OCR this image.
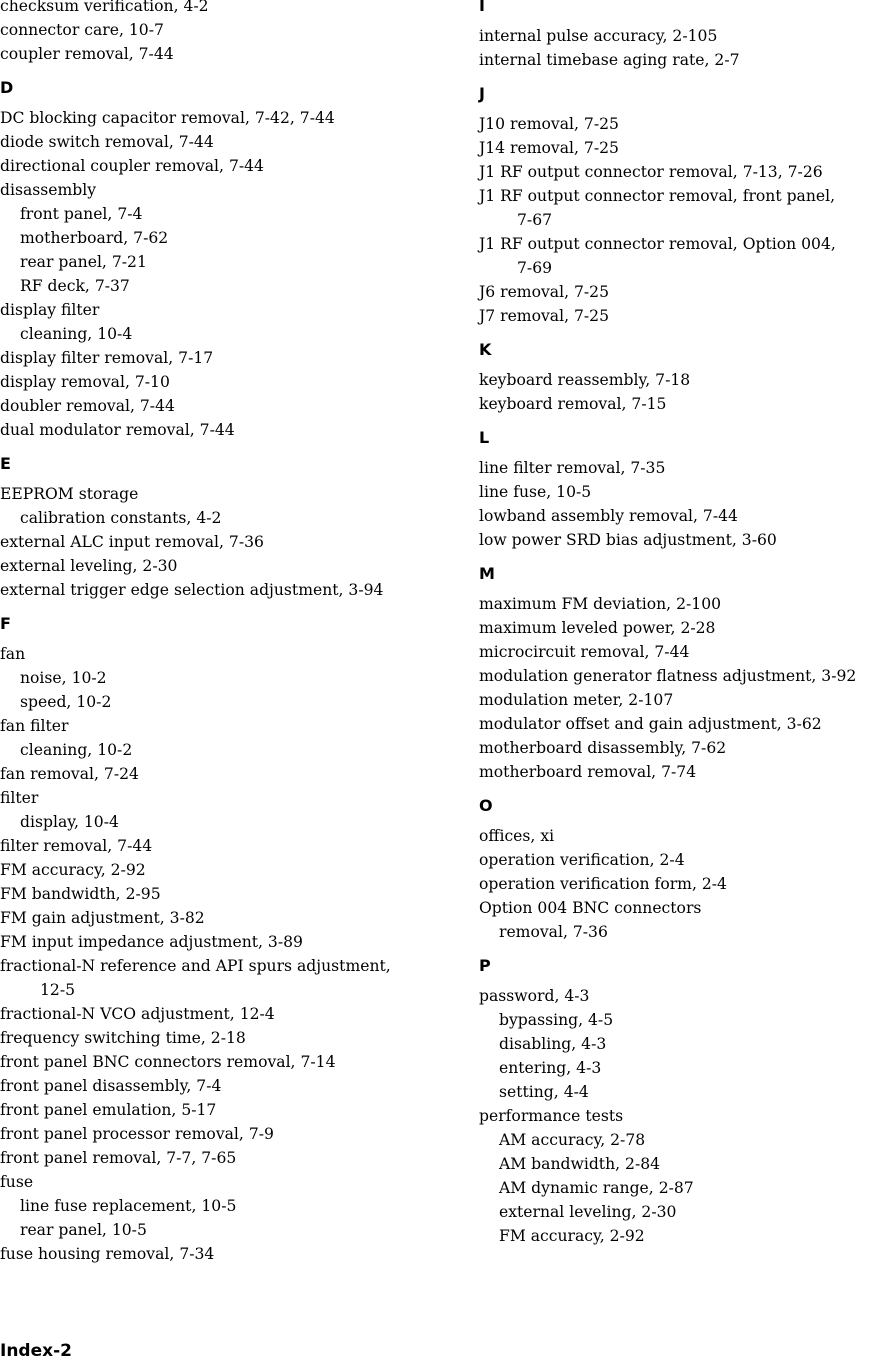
checksum verification, 4-2
connector care, 10-7
coupler removal, 7-44
D
DC blocking capacitor removal, 7-42, 7-44
diode switch removal, 7-44
directional coupler removal, 7-44
disassembly
front panel, 7-4
motherboard, 7-62
rear panel, 7-21
RF deck, 7-37
display filter
cleaning, 10-4
display filter removal, 7-17
display removal, 7-10
doubler removal, 7-44
dual modulator removal, 7-44
E
EEPROM storage
calibration constants, 4-2
external ALC input removal, 7-36
external leveling, 2-30
external trigger edge selection adjustment, 3-94
F
fan
noise, 10-2
speed, 10-2
fan filter
cleaning, 10-2
fan removal, 7-24
filter
display, 10-4
filter removal, 7-44
FM accuracy, 2-92
FM bandwidth, 2-95
FM gain adjustment, 3-82
FM input impedance adjustment, 3-89
fractional-N reference and API spurs adjustment,
12-5
fractional-N VCO adjustment, 12-4
frequency switching time, 2-18
front panel BNC connectors removal, 7-14
front panel disassembly, 7-4
front panel emulation, 5-17
front panel processor removal, 7-9
front panel removal, 7-7, 7-65
fuse
line fuse replacement, 10-5
rear panel, 10-5
fuse housing removal, 7-34
I
internal pulse accuracy, 2-105
internal timebase aging rate, 2-7
J
J10 removal, 7-25
J14 removal, 7-25
J1 RF output connector removal, 7-13, 7-26
J1 RF output connector removal, front panel,
7-67
J1 RF output connector removal, Option 004,
7-69
J6 removal, 7-25
J7 removal, 7-25
K
keyboard reassembly, 7-18
keyboard removal, 7-15
L
line filter removal, 7-35
line fuse, 10-5
lowband assembly removal, 7-44
low power SRD bias adjustment, 3-60
M
maximum FM deviation, 2-100
maximum leveled power, 2-28
microcircuit removal, 7-44
modulation generator flatness adjustment, 3-92
modulation meter, 2-107
modulator offset and gain adjustment, 3-62
motherboard disassembly, 7-62
motherboard removal, 7-74
O
offices, xi
operation verification, 2-4
operation verification form, 2-4
Option 004 BNC connectors
removal, 7-36
P
password, 4-3
bypassing, 4-5
disabling, 4-3
entering, 4-3
setting, 4-4
performance tests
AM accuracy, 2-78
AM bandwidth, 2-84
AM dynamic range, 2-87
external leveling, 2-30
FM accuracy, 2-92
Index-2
